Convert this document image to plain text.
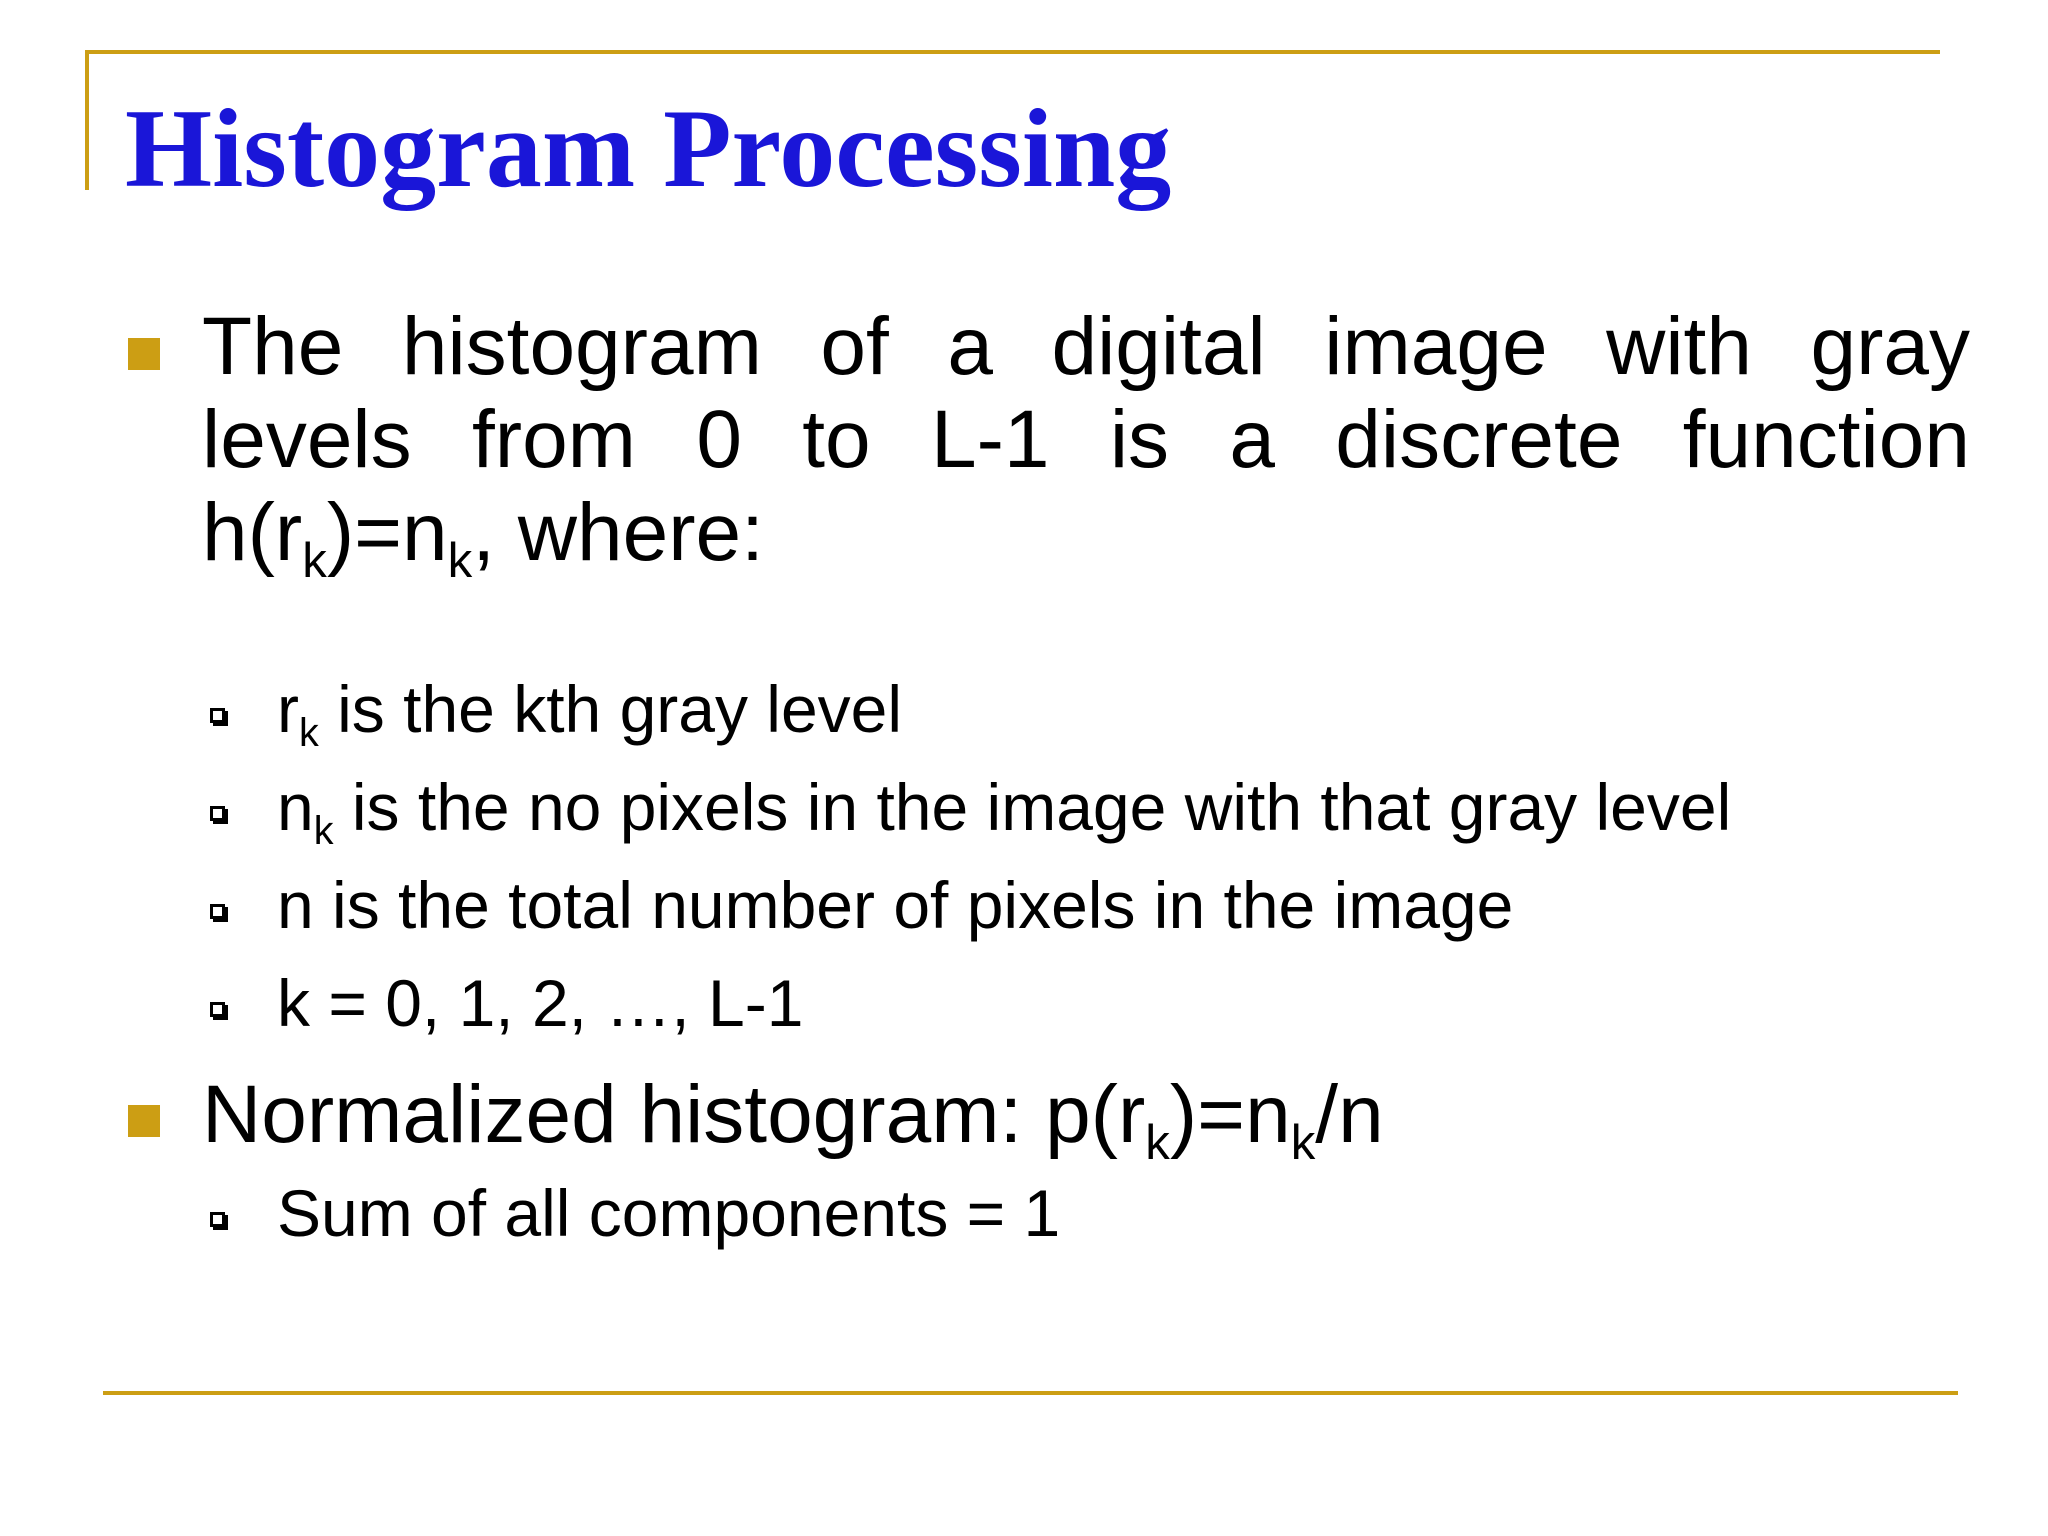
Histogram Processing
The histogram of a digital image with gray
levels from 0 to L-1 is a discrete function
$h(r_k)=n_k$, where:
$r_k$ is the kth gray level
$n_k$ is the no pixels in the image with that gray level
n is the total number of pixels in the image
k = 0, 1, 2, …, L-1
Normalized histogram: $p(r_k)=n_k/n$
Sum of all components = 1
